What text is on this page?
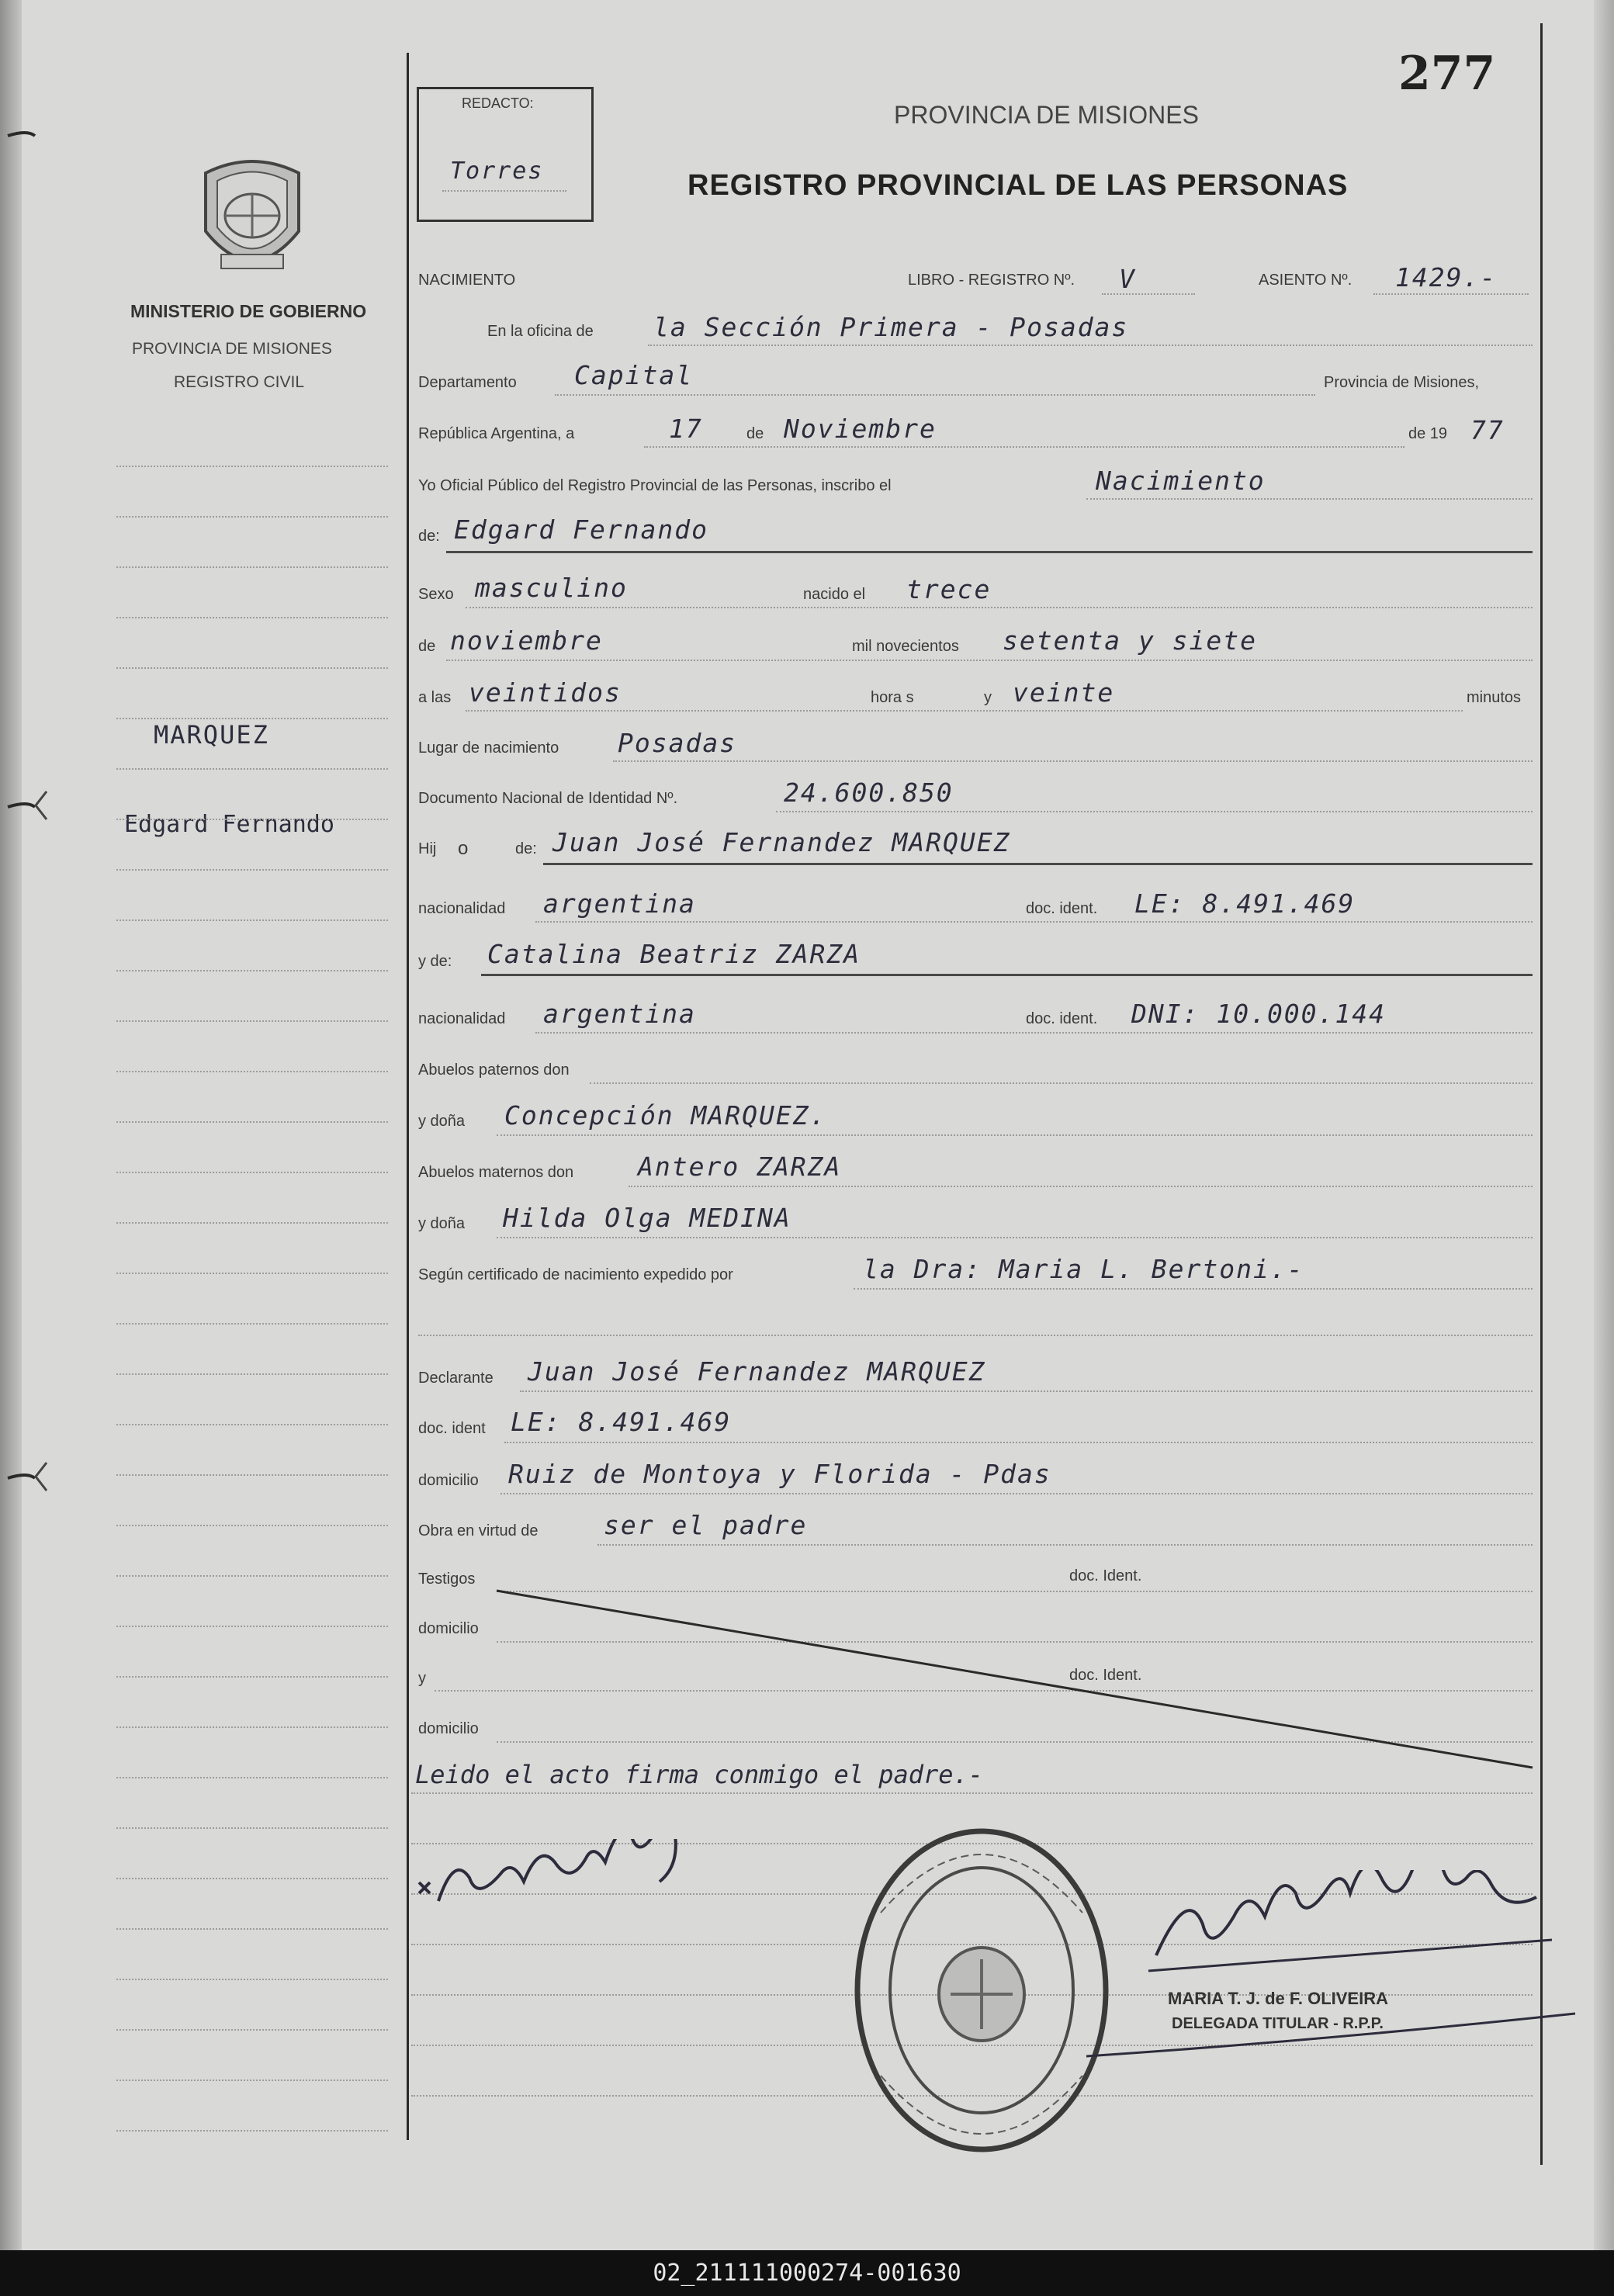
MINISTERIO DE GOBIERNO
PROVINCIA DE MISIONES
REGISTRO CIVIL
MARQUEZ
Edgard Fernando
REDACTO:
Torres
277
PROVINCIA DE MISIONES
REGISTRO PROVINCIAL DE LAS PERSONAS
NACIMIENTO	LIBRO - REGISTRO Nº. V	ASIENTO Nº. 1429.-
En la oficina de la Sección Primera - Posadas
Departamento Capital	Provincia de Misiones,
República Argentina, a	17	de Noviembre	de 19 77
Yo Oficial Público del Registro Provincial de las Personas, inscribo el	Nacimiento
de: Edgard Fernando
Sexo masculino	nacido el trece
de noviembre	mil novecientos setenta y siete
a las veintidos	hora s	y veinte	minutos
Lugar de nacimiento Posadas
Documento Nacional de Identidad Nº.	24.600.850
Hij o	de: Juan José Fernandez MARQUEZ
nacionalidad argentina	doc. ident. LE: 8.491.469
y de: Catalina Beatriz ZARZA
nacionalidad argentina	doc. ident. DNI: 10.000.144
Abuelos paternos don
y doña Concepción MARQUEZ.
Abuelos maternos don	Antero ZARZA
y doña Hilda Olga MEDINA
Según certificado de nacimiento expedido por	la Dra: Maria L. Bertoni.-
Declarante Juan José Fernandez MARQUEZ
doc. ident LE: 8.491.469
domicilio Ruiz de Montoya y Florida - Pdas
Obra en virtud de	ser el padre
Testigos	doc. Ident.
domicilio
y	doc. Ident.
domicilio
Leido el acto firma conmigo el padre.-
MARIA T. J. de F. OLIVEIRA
DELEGADA TITULAR - R.P.P.
02_211111000274-001630
